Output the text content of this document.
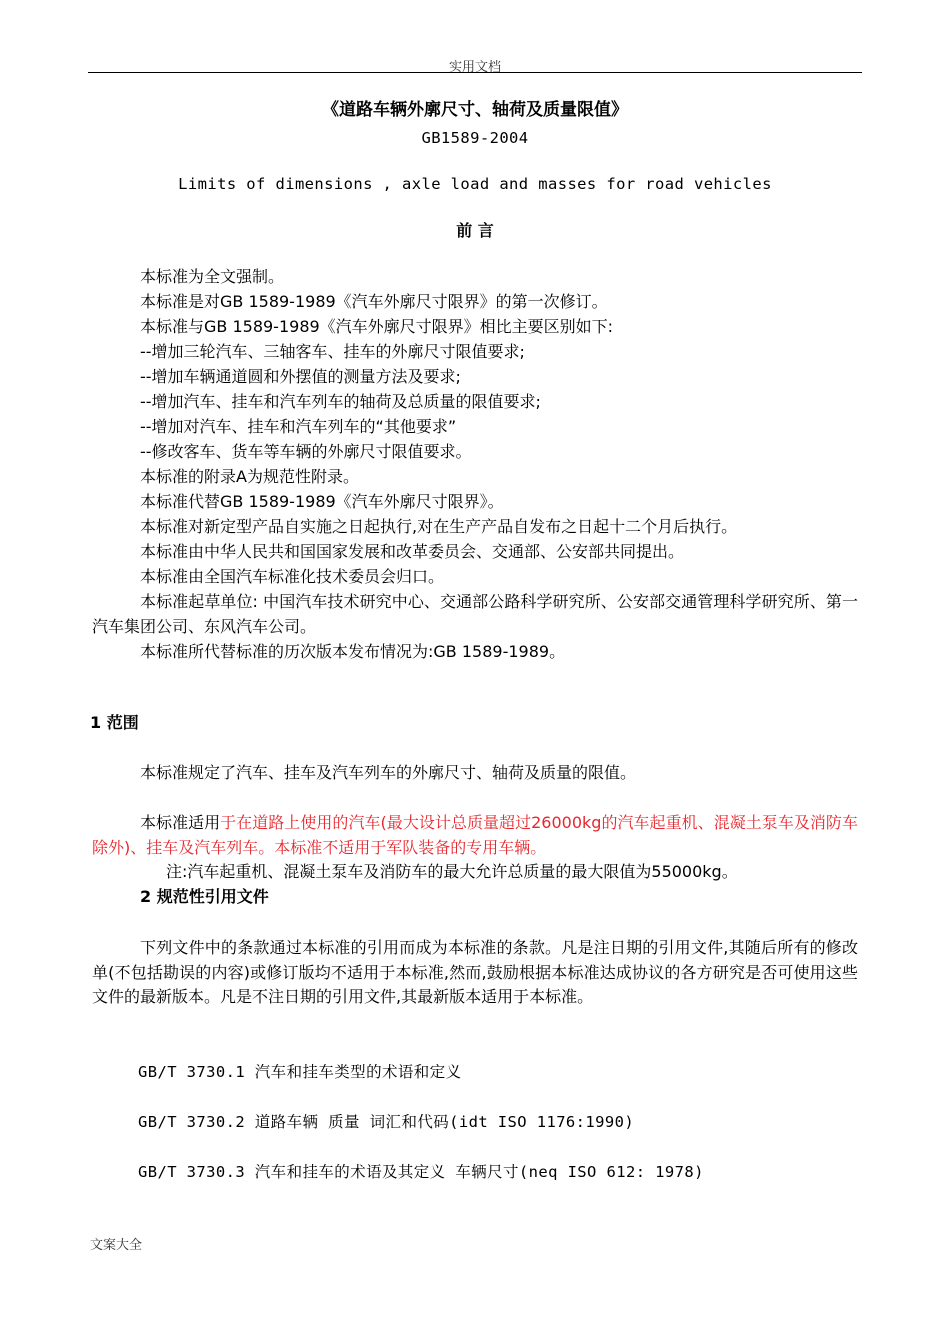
实用文档
《道路车辆外廓尺寸、轴荷及质量限值》
GB1589-2004
Limits of dimensions , axle load and masses for road vehicles
前 言
本标准为全文强制。
本标准是对GB 1589-1989《汽车外廓尺寸限界》的第一次修订。
本标准与GB 1589-1989《汽车外廓尺寸限界》相比主要区别如下:
--增加三轮汽车、三轴客车、挂车的外廓尺寸限值要求;
--增加车辆通道圆和外摆值的测量方法及要求;
--增加汽车、挂车和汽车列车的轴荷及总质量的限值要求;
--增加对汽车、挂车和汽车列车的“其他要求”
--修改客车、货车等车辆的外廓尺寸限值要求。
本标准的附录A为规范性附录。
本标准代替GB 1589-1989《汽车外廓尺寸限界》。
本标准对新定型产品自实施之日起执行,对在生产产品自发布之日起十二个月后执行。
本标准由中华人民共和国国家发展和改革委员会、交通部、公安部共同提出。
本标准由全国汽车标准化技术委员会归口。
本标准起草单位: 中国汽车技术研究中心、交通部公路科学研究所、公安部交通管理科学研究所、第一汽车集团公司、东风汽车公司。
本标准所代替标准的历次版本发布情况为:GB 1589-1989。
1 范围
本标准规定了汽车、挂车及汽车列车的外廓尺寸、轴荷及质量的限值。
本标准适用于在道路上使用的汽车(最大设计总质量超过26000kg的汽车起重机、混凝土泵车及消防车除外)、挂车及汽车列车。本标准不适用于军队装备的专用车辆。
注:汽车起重机、混凝土泵车及消防车的最大允许总质量的最大限值为55000kg。
2 规范性引用文件
下列文件中的条款通过本标准的引用而成为本标准的条款。凡是注日期的引用文件,其随后所有的修改单(不包括勘误的内容)或修订版均不适用于本标准,然而,鼓励根据本标准达成协议的各方研究是否可使用这些文件的最新版本。凡是不注日期的引用文件,其最新版本适用于本标准。
GB/T 3730.1 汽车和挂车类型的术语和定义
GB/T 3730.2 道路车辆 质量 词汇和代码(idt ISO 1176:1990)
GB/T 3730.3 汽车和挂车的术语及其定义 车辆尺寸(neq ISO 612: 1978)
文案大全
